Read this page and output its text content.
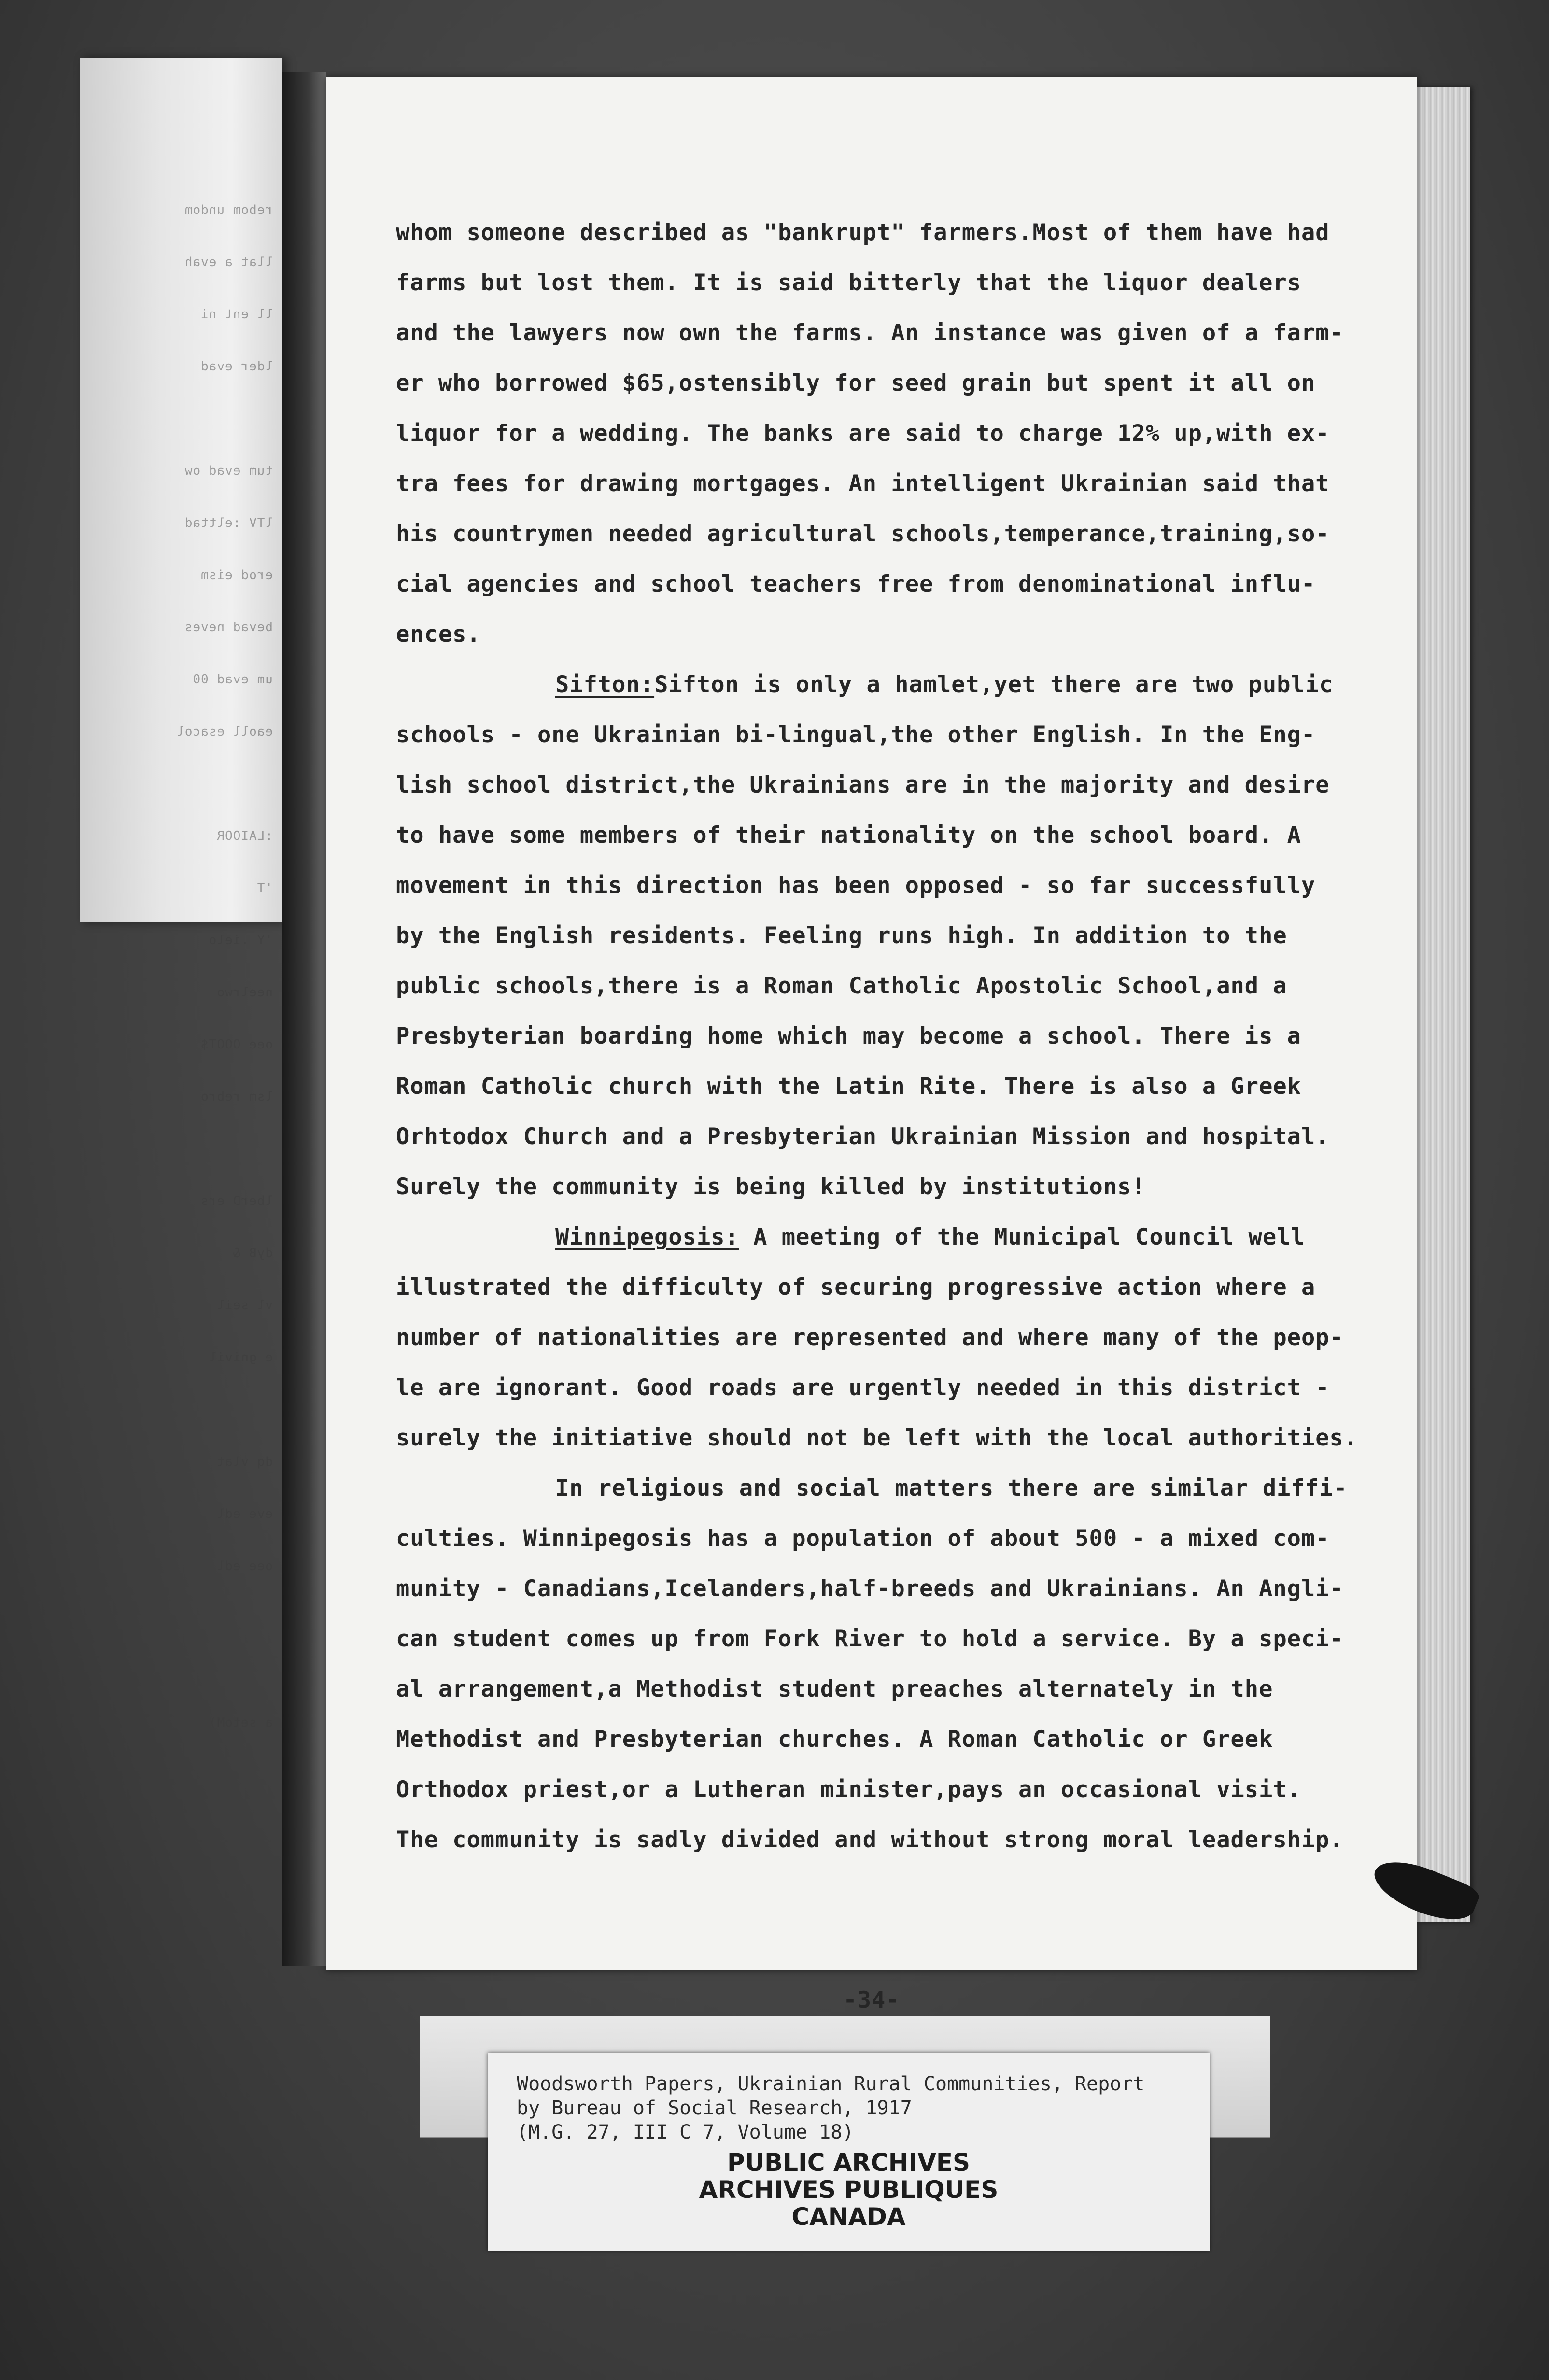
rebom undom
llat a evah
ll ent ni
lder evad
tum evad ow
lTV :elttad
erod eism
bevad neves
um evad 00
eaoll esacol
:LAIOOR
'T
'Y .ielo
neelrwo
oee OOOT$
lsm rebro
lberD ers
dyB &
vl seil
e gnivil
dq vlat
eve edl
oee edl
a setoM)
whom someone described as "bankrupt" farmers.Most of them have had
farms but lost them. It is said bitterly that the liquor dealers
and the lawyers now own the farms. An instance was given of a farm-
er who borrowed $65,ostensibly for seed grain but spent it all on
liquor for a wedding. The banks are said to charge 12% up,with ex-
tra fees for drawing mortgages. An intelligent Ukrainian said that
his countrymen needed agricultural schools,temperance,training,so-
cial agencies and school teachers free from denominational influ-
ences.
Sifton:Sifton is only a hamlet,yet there are two public
schools - one Ukrainian bi-lingual,the other English. In the Eng-
lish school district,the Ukrainians are in the majority and desire
to have some members of their nationality on the school board. A
movement in this direction has been opposed - so far successfully
by the English residents. Feeling runs high. In addition to the
public schools,there is a Roman Catholic Apostolic School,and a
Presbyterian boarding home which may become a school. There is a
Roman Catholic church with the Latin Rite. There is also a Greek
Orhtodox Church and a Presbyterian Ukrainian Mission and hospital.
Surely the community is being killed by institutions!
Winnipegosis: A meeting of the Municipal Council well
illustrated the difficulty of securing progressive action where a
number of nationalities are represented and where many of the peop-
le are ignorant. Good roads are urgently needed in this district -
surely the initiative should not be left with the local authorities.
In religious and social matters there are similar diffi-
culties. Winnipegosis has a population of about 500 - a mixed com-
munity - Canadians,Icelanders,half-breeds and Ukrainians. An Angli-
can student comes up from Fork River to hold a service. By a speci-
al arrangement,a Methodist student preaches alternately in the
Methodist and Presbyterian churches. A Roman Catholic or Greek
Orthodox priest,or a Lutheran minister,pays an occasional visit.
The community is sadly divided and without strong moral leadership.
-34-
Woodsworth Papers, Ukrainian Rural Communities, Report
by Bureau of Social Research, 1917
(M.G. 27, III C 7, Volume 18)
PUBLIC ARCHIVES
ARCHIVES PUBLIQUES
CANADA
